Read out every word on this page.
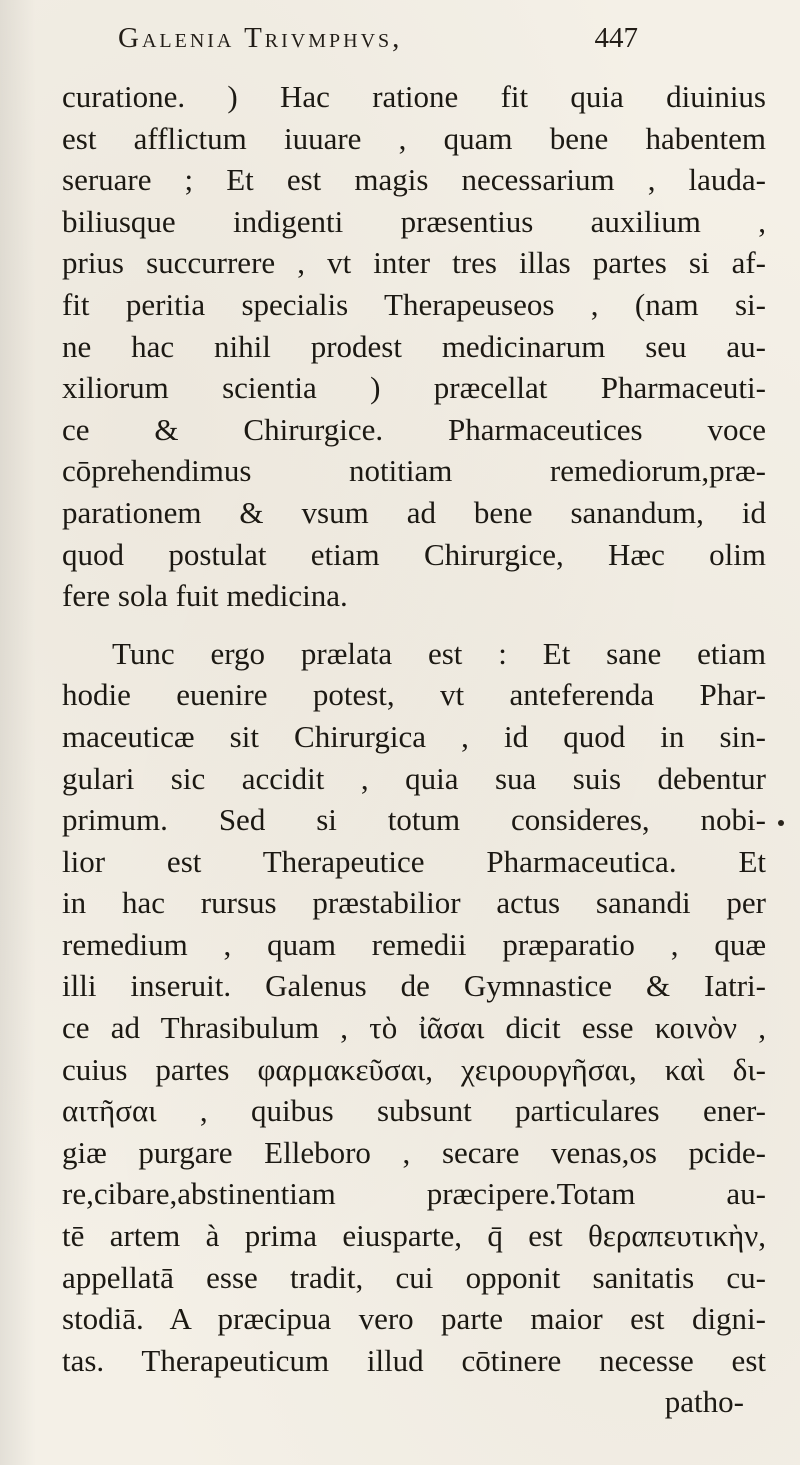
Galenia Trivmphvs,	447
curatione. ) Hac ratione fit quia diuinius
est afflictum iuuare , quam bene habentem
seruare ; Et est magis necessarium , lauda-
biliusque indigenti præsentius auxilium ,
prius succurrere , vt inter tres illas partes si af-
fit peritia specialis Therapeuseos , (nam si-
ne hac nihil prodest medicinarum seu au-
xiliorum scientia ) præcellat Pharmaceuti-
ce & Chirurgice. Pharmaceutices voce
cōprehendimus notitiam remediorum,præ-
parationem & vsum ad bene sanandum, id
quod postulat etiam Chirurgice, Hæc olim
fere sola fuit medicina.
Tunc ergo prælata est : Et sane etiam
hodie euenire potest, vt anteferenda Phar-
maceuticæ sit Chirurgica , id quod in sin-
gulari sic accidit , quia sua suis debentur
primum. Sed si totum consideres, nobi-
lior est Therapeutice Pharmaceutica. Et
in hac rursus præstabilior actus sanandi per
remedium , quam remedii præparatio , quæ
illi inseruit. Galenus de Gymnastice & Iatri-
ce ad Thrasibulum , τὸ ἰᾶσαι dicit esse κοινὸν ,
cuius partes φαρμακεῦσαι, χειρουργῆσαι, καὶ δι-
αιτῆσαι , quibus subsunt particulares ener-
giæ purgare Elleboro , secare venas,os pcide-
re,cibare,abstinentiam præcipere.Totam au-
tē artem à prima eiusparte, q̄ est θεραπευτικὴν,
appellatā esse tradit, cui opponit sanitatis cu-
stodiā. A præcipua vero parte maior est digni-
tas. Therapeuticum illud cōtinere necesse est
patho-
